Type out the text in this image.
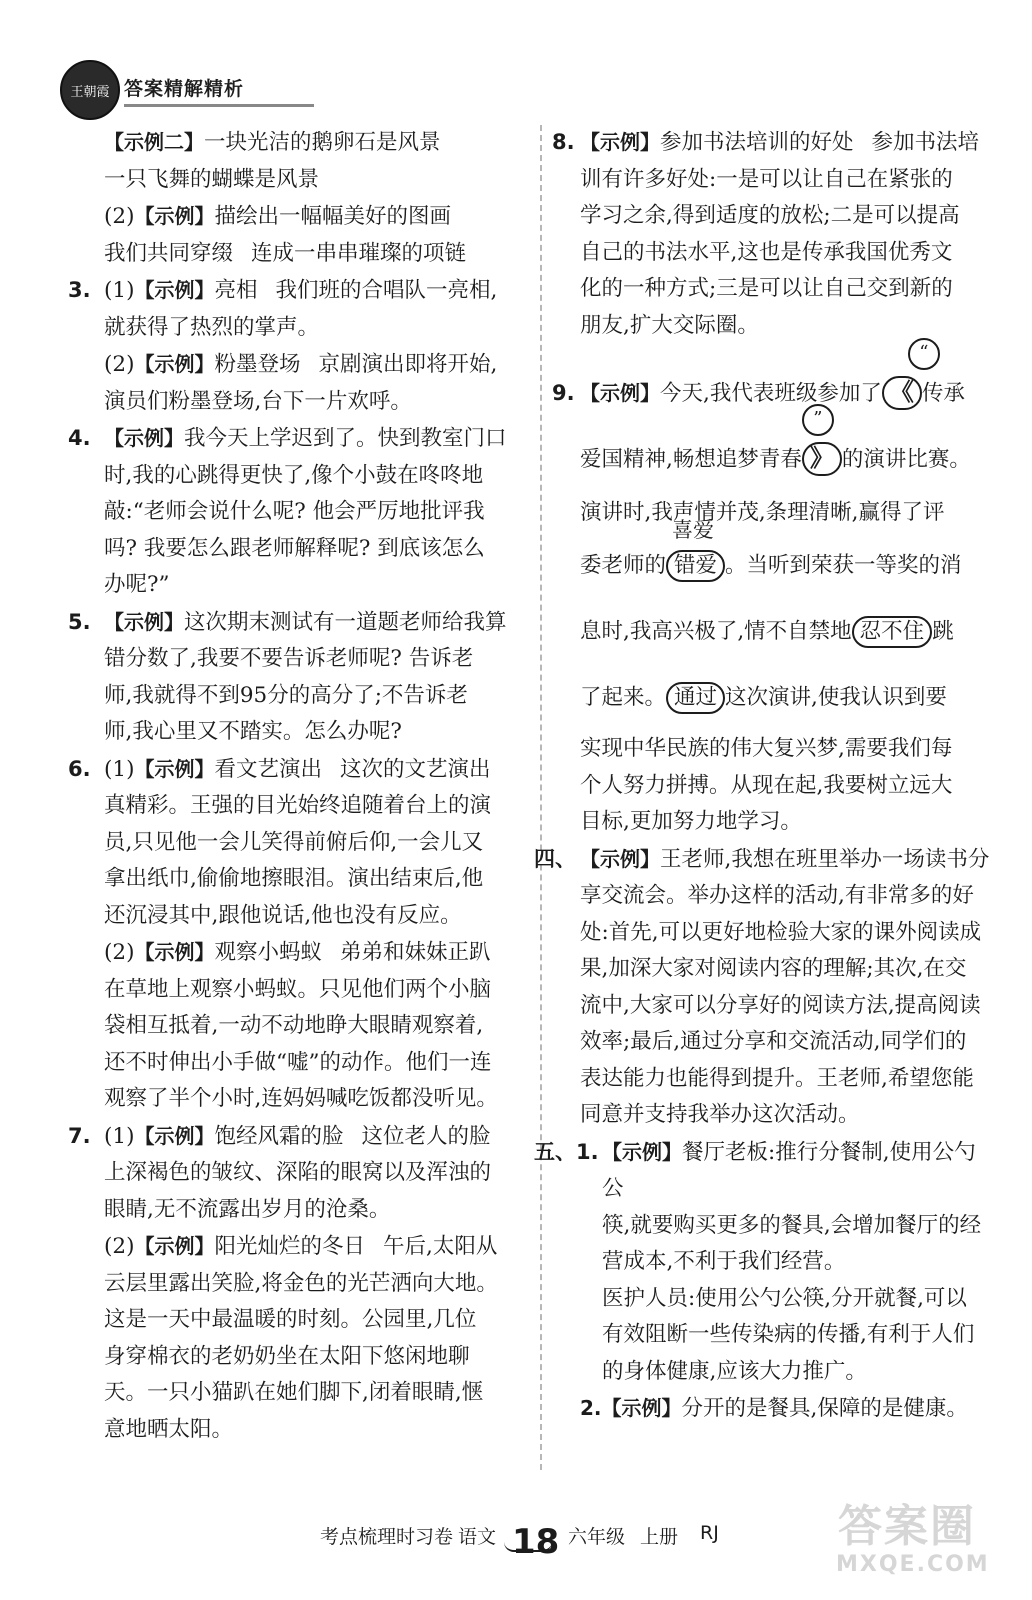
王朝霞 答案精解精析
【示例二】一块光洁的鹅卵石是风景
一只飞舞的蝴蝶是风景
(2)【示例】描绘出一幅幅美好的图画
我们共同穿缀 连成一串串璀璨的项链
3. (1)【示例】亮相 我们班的合唱队一亮相,
就获得了热烈的掌声。
(2)【示例】粉墨登场 京剧演出即将开始,
演员们粉墨登场,台下一片欢呼。
4. 【示例】我今天上学迟到了。快到教室门口
时,我的心跳得更快了,像个小鼓在咚咚地
敲:“老师会说什么呢? 他会严厉地批评我
吗? 我要怎么跟老师解释呢? 到底该怎么
办呢?”
5. 【示例】这次期末测试有一道题老师给我算
错分数了,我要不要告诉老师呢? 告诉老
师,我就得不到95分的高分了;不告诉老
师,我心里又不踏实。怎么办呢?
6. (1)【示例】看文艺演出 这次的文艺演出
真精彩。王强的目光始终追随着台上的演
员,只见他一会儿笑得前俯后仰,一会儿又
拿出纸巾,偷偷地擦眼泪。演出结束后,他
还沉浸其中,跟他说话,他也没有反应。
(2)【示例】观察小蚂蚁 弟弟和妹妹正趴
在草地上观察小蚂蚁。只见他们两个小脑
袋相互抵着,一动不动地睁大眼睛观察着,
还不时伸出小手做“嘘”的动作。他们一连
观察了半个小时,连妈妈喊吃饭都没听见。
7. (1)【示例】饱经风霜的脸 这位老人的脸
上深褐色的皱纹、深陷的眼窝以及浑浊的
眼睛,无不流露出岁月的沧桑。
(2)【示例】阳光灿烂的冬日 午后,太阳从
云层里露出笑脸,将金色的光芒洒向大地。
这是一天中最温暖的时刻。公园里,几位
身穿棉衣的老奶奶坐在太阳下悠闲地聊
天。一只小猫趴在她们脚下,闭着眼睛,惬
意地晒太阳。
8. 【示例】参加书法培训的好处 参加书法培
训有许多好处:一是可以让自己在紧张的
学习之余,得到适度的放松;二是可以提高
自己的书法水平,这也是传承我国优秀文
化的一种方式;三是可以让自己交到新的
朋友,扩大交际圈。
9. 【示例】今天,我代表班级参加了 《
“
传承
爱国精神,畅想追梦青春 》
”
的演讲比赛。
演讲时,我声情并茂,条理清晰,赢得了评
委老师的 错爱
喜爱
。当听到荣获一等奖的消
息时,我高兴极了,情不自禁地 忍不住 跳
了起来。 通过 这次演讲,使我认识到要
实现中华民族的伟大复兴梦,需要我们每
个人努力拼搏。从现在起,我要树立远大
目标,更加努力地学习。
四、 【示例】王老师,我想在班里举办一场读书分
享交流会。举办这样的活动,有非常多的好
处:首先,可以更好地检验大家的课外阅读成
果,加深大家对阅读内容的理解;其次,在交
流中,大家可以分享好的阅读方法,提高阅读
效率;最后,通过分享和交流活动,同学们的
表达能力也能得到提升。王老师,希望您能
同意并支持我举办这次活动。
五、1. 【示例】餐厅老板:推行分餐制,使用公勺公
筷,就要购买更多的餐具,会增加餐厅的经
营成本,不利于我们经营。
医护人员:使用公勺公筷,分开就餐,可以
有效阻断一些传染病的传播,有利于人们
的身体健康,应该大力推广。
2.【示例】分开的是餐具,保障的是健康。
考点梳理时习卷 语文 18 六年级 上册 RJ	答案圈
MXQE.COM
